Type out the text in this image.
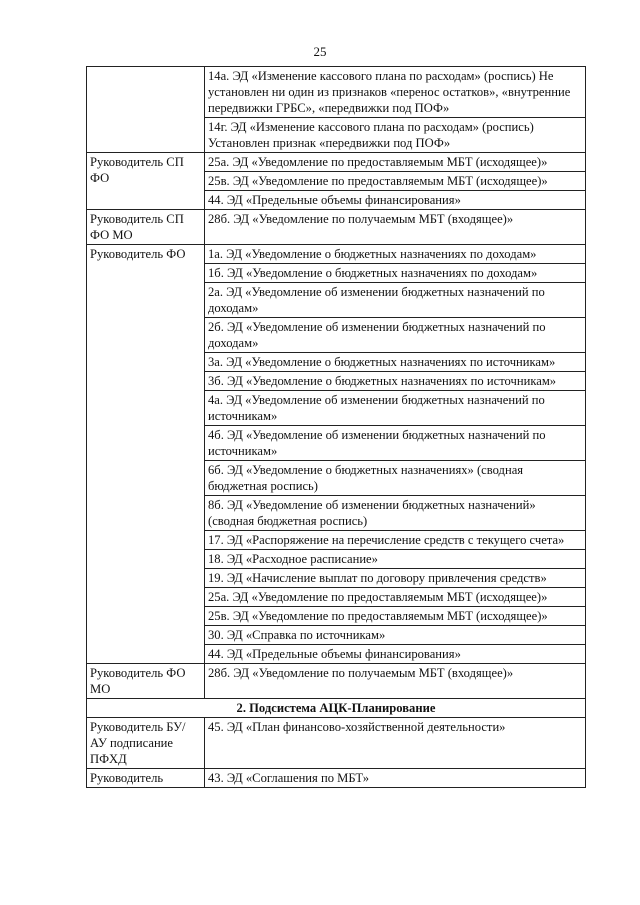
25
	14а. ЭД «Изменение кассового плана по расходам» (роспись) Не установлен ни один из признаков «перенос остатков», «внутренние передвижки ГРБС», «передвижки под ПОФ»
	14г. ЭД «Изменение кассового плана по расходам» (роспись) Установлен признак «передвижки под ПОФ»
Руководитель СП ФО	25а. ЭД «Уведомление по предоставляемым МБТ (исходящее)»
	25в. ЭД «Уведомление по предоставляемым МБТ (исходящее)»
	44. ЭД «Предельные объемы финансирования»
Руководитель СП ФО МО	28б. ЭД «Уведомление по получаемым МБТ (входящее)»
Руководитель ФО	1а. ЭД «Уведомление о бюджетных назначениях по доходам»
	1б. ЭД «Уведомление о бюджетных назначениях по доходам»
	2а. ЭД «Уведомление об изменении бюджетных назначений по доходам»
	2б. ЭД «Уведомление об изменении бюджетных назначений по доходам»
	3а. ЭД «Уведомление о бюджетных назначениях по источникам»
	3б. ЭД «Уведомление о бюджетных назначениях по источникам»
	4а. ЭД «Уведомление об изменении бюджетных назначений по источникам»
	4б. ЭД «Уведомление об изменении бюджетных назначений по источникам»
	6б. ЭД «Уведомление о бюджетных назначениях» (сводная бюджетная роспись)
	8б. ЭД «Уведомление об изменении бюджетных назначений» (сводная бюджетная роспись)
	17. ЭД «Распоряжение на перечисление средств с текущего счета»
	18. ЭД «Расходное расписание»
	19. ЭД «Начисление выплат по договору привлечения средств»
	25а. ЭД «Уведомление по предоставляемым МБТ (исходящее)»
	25в. ЭД «Уведомление по предоставляемым МБТ (исходящее)»
	30. ЭД «Справка по источникам»
	44. ЭД «Предельные объемы финансирования»
Руководитель ФО МО	28б. ЭД «Уведомление по получаемым МБТ (входящее)»
2. Подсистема АЦК-Планирование	
Руководитель БУ/АУ подписание ПФХД	45. ЭД «План финансово-хозяйственной деятельности»
Руководитель	43. ЭД «Соглашения по МБТ»
